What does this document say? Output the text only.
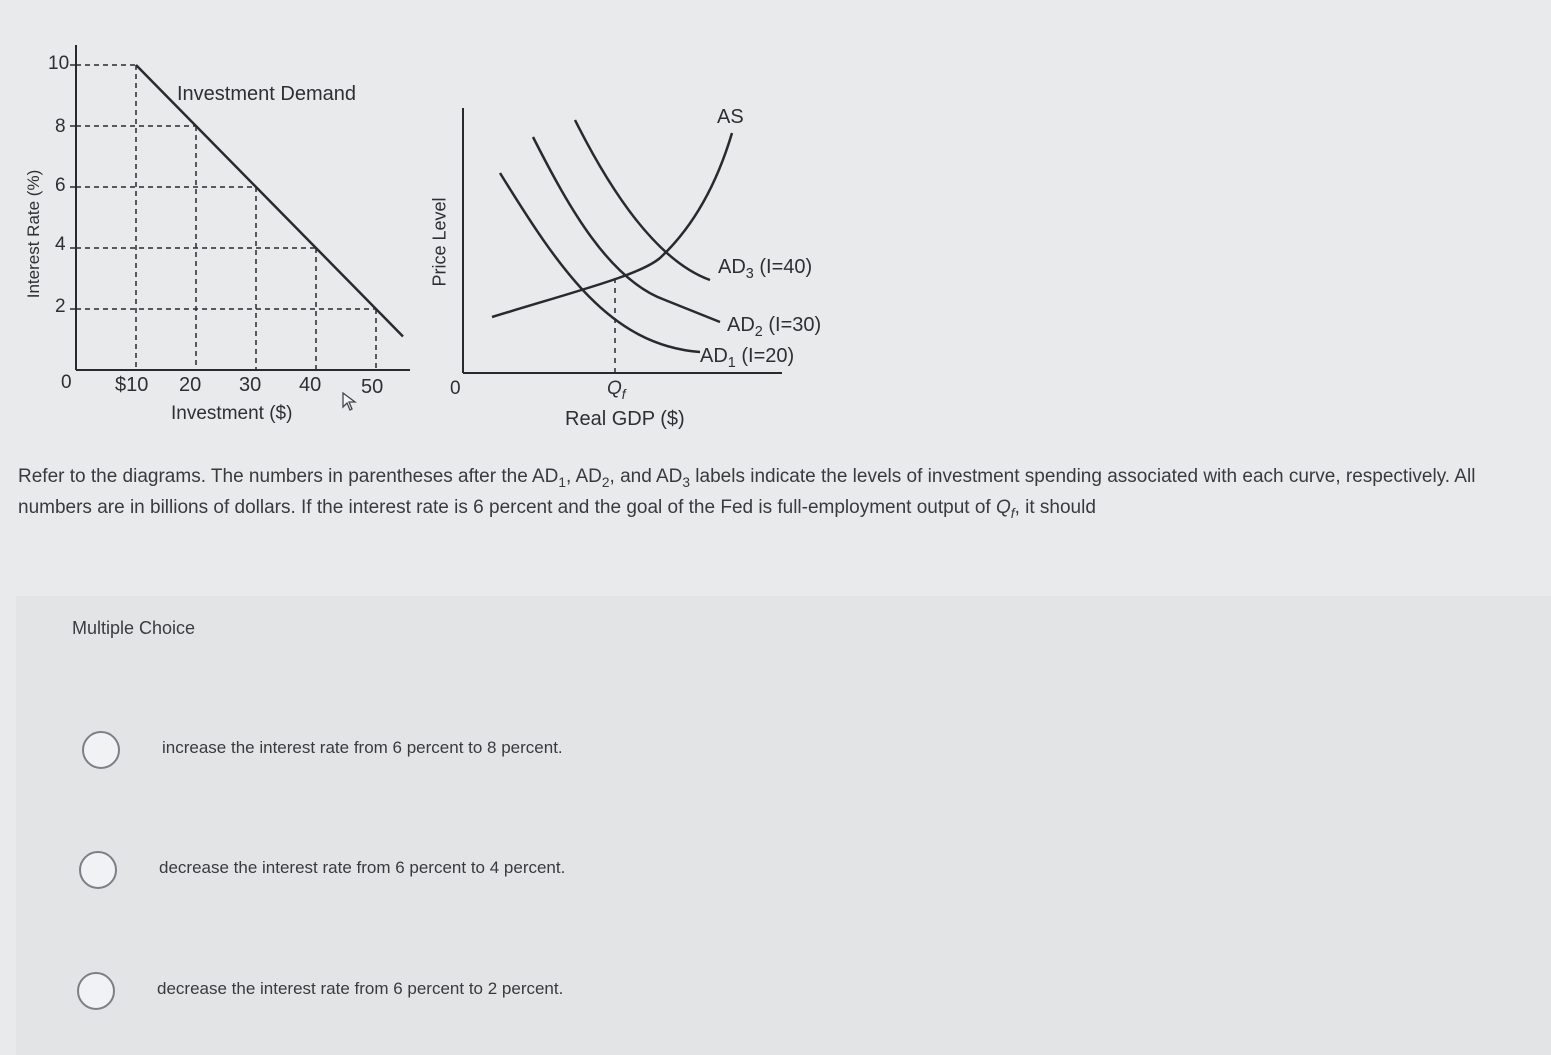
Interest Rate (%)
10
8
6
4
2
0 $10 20 30 40 50
Investment ($)
Investment Demand
Price Level
0	$Q_f$
Real GDP ($)
AS
$AD_3$ (I=40)
$AD_2$ (I=30)
$AD_1$ (I=20)
Refer to the diagrams. The numbers in parentheses after the $AD_1$, $AD_2$, and $AD_3$ labels indicate the levels of investment spending associated with each curve, respectively. All numbers are in billions of dollars. If the interest rate is 6 percent and the goal of the Fed is full-employment output of $Q_f$, it should
Multiple Choice
increase the interest rate from 6 percent to 8 percent.
decrease the interest rate from 6 percent to 4 percent.
decrease the interest rate from 6 percent to 2 percent.
